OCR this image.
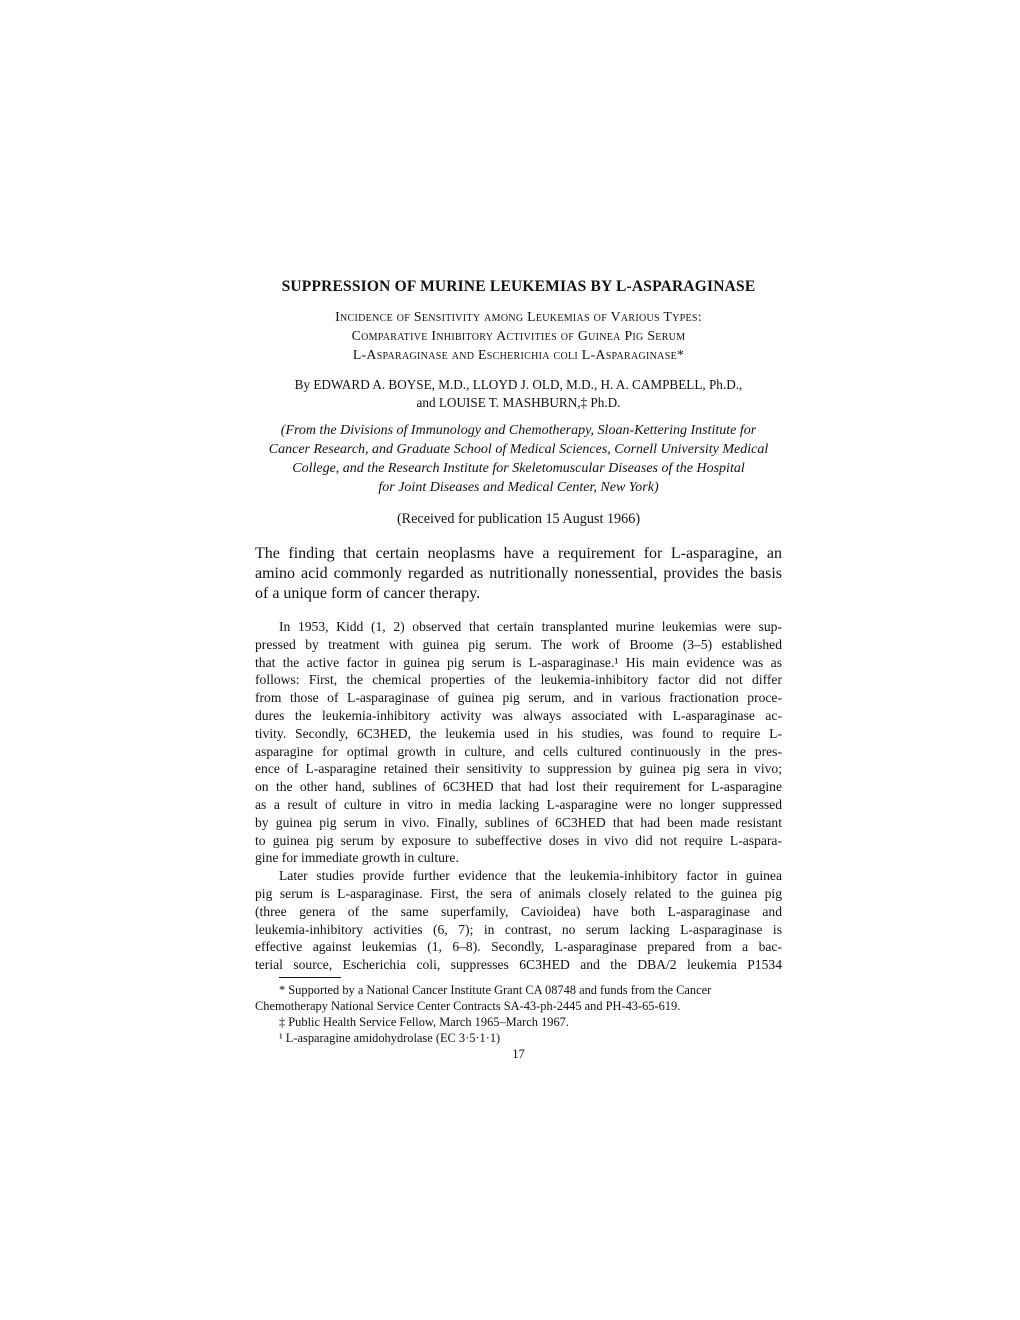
SUPPRESSION OF MURINE LEUKEMIAS BY L-ASPARAGINASE
Incidence of Sensitivity among Leukemias of Various Types:
Comparative Inhibitory Activities of Guinea Pig Serum
L-Asparaginase and Escherichia coli L-Asparaginase*
By EDWARD A. BOYSE, M.D., LLOYD J. OLD, M.D., H. A. CAMPBELL, Ph.D.,
and LOUISE T. MASHBURN,‡ Ph.D.
(From the Divisions of Immunology and Chemotherapy, Sloan-Kettering Institute for
Cancer Research, and Graduate School of Medical Sciences, Cornell University Medical
College, and the Research Institute for Skeletomuscular Diseases of the Hospital
for Joint Diseases and Medical Center, New York)
(Received for publication 15 August 1966)
The finding that certain neoplasms have a requirement for L-asparagine, an
amino acid commonly regarded as nutritionally nonessential, provides the basis
of a unique form of cancer therapy.
In 1953, Kidd (1, 2) observed that certain transplanted murine leukemias were sup-
pressed by treatment with guinea pig serum. The work of Broome (3–5) established
that the active factor in guinea pig serum is L-asparaginase.¹ His main evidence was as
follows: First, the chemical properties of the leukemia-inhibitory factor did not differ
from those of L-asparaginase of guinea pig serum, and in various fractionation proce-
dures the leukemia-inhibitory activity was always associated with L-asparaginase ac-
tivity. Secondly, 6C3HED, the leukemia used in his studies, was found to require L-
asparagine for optimal growth in culture, and cells cultured continuously in the pres-
ence of L-asparagine retained their sensitivity to suppression by guinea pig sera in vivo;
on the other hand, sublines of 6C3HED that had lost their requirement for L-asparagine
as a result of culture in vitro in media lacking L-asparagine were no longer suppressed
by guinea pig serum in vivo. Finally, sublines of 6C3HED that had been made resistant
to guinea pig serum by exposure to subeffective doses in vivo did not require L-aspara-
gine for immediate growth in culture.
Later studies provide further evidence that the leukemia-inhibitory factor in guinea
pig serum is L-asparaginase. First, the sera of animals closely related to the guinea pig
(three genera of the same superfamily, Cavioidea) have both L-asparaginase and
leukemia-inhibitory activities (6, 7); in contrast, no serum lacking L-asparaginase is
effective against leukemias (1, 6–8). Secondly, L-asparaginase prepared from a bac-
terial source, Escherichia coli, suppresses 6C3HED and the DBA/2 leukemia P1534
* Supported by a National Cancer Institute Grant CA 08748 and funds from the Cancer
Chemotherapy National Service Center Contracts SA-43-ph-2445 and PH-43-65-619.
‡ Public Health Service Fellow, March 1965–March 1967.
¹ L-asparagine amidohydrolase (EC 3·5·1·1)
17
